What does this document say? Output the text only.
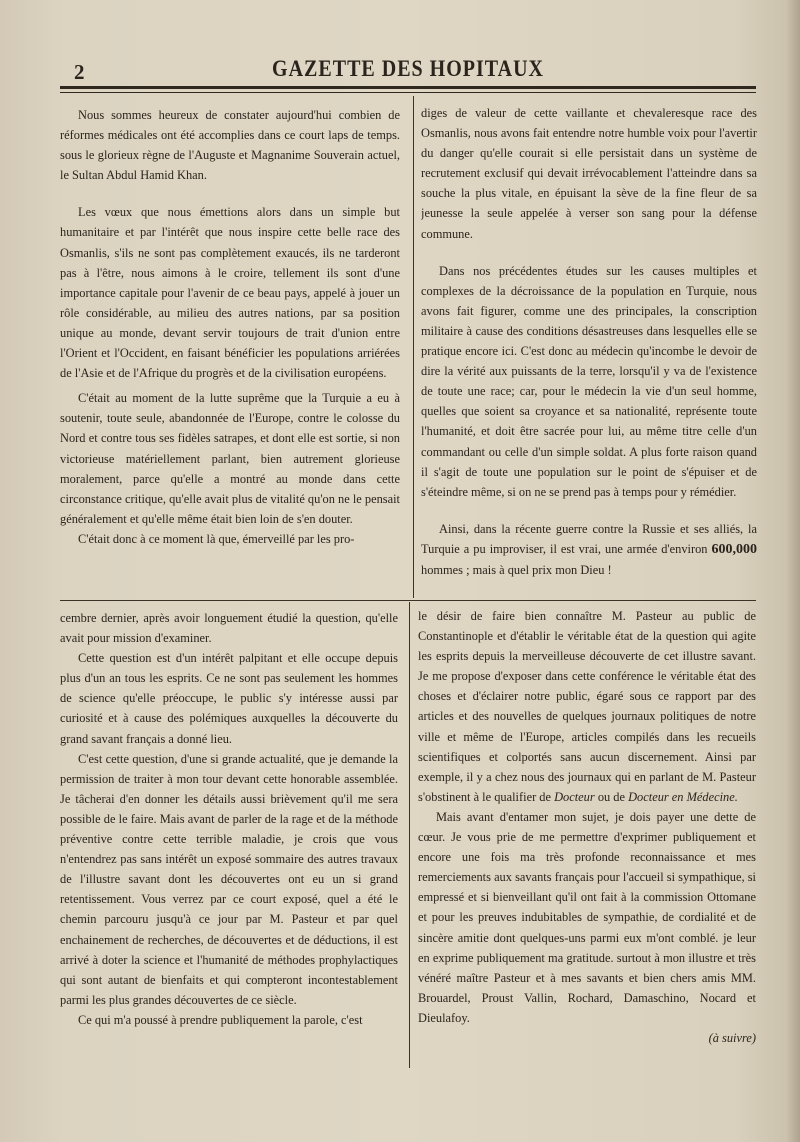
2	GAZETTE DES HOPITAUX

Nous sommes heureux de constater aujourd'hui combien de réformes médicales ont été accomplies dans ce court laps de temps. sous le glorieux règne de l'Auguste et Magnanime Souverain actuel, le Sultan Abdul Hamid Khan.

Les vœux que nous émettions alors dans un simple but humanitaire et par l'intérêt que nous inspire cette belle race des Osmanlis, s'ils ne sont pas complètement exaucés, ils ne tarderont pas à l'être, nous aimons à le croire, tellement ils sont d'une importance capitale pour l'avenir de ce beau pays, appelé à jouer un rôle considérable, au milieu des autres nations, par sa position unique au monde, devant servir toujours de trait d'union entre l'Orient et l'Occident, en faisant bénéficier les populations arriérées de l'Asie et de l'Afrique du progrès et de la civilisation européens.

C'était au moment de la lutte suprême que la Turquie a eu à soutenir, toute seule, abandonnée de l'Europe, contre le colosse du Nord et contre tous ses fidèles satrapes, et dont elle est sortie, si non victorieuse matériellement parlant, bien autrement glorieuse moralement, parce qu'elle a montré au monde dans cette circonstance critique, qu'elle avait plus de vitalité qu'on ne le pensait généralement et qu'elle même était bien loin de s'en douter.

C'était donc à ce moment là que, émerveillé par les pro-

diges de valeur de cette vaillante et chevaleresque race des Osmanlis, nous avons fait entendre notre humble voix pour l'avertir du danger qu'elle courait si elle persistait dans un système de recrutement exclusif qui devait irrévocablement l'atteindre dans sa souche la plus vitale, en épuisant la sève de la fine fleur de sa jeunesse la seule appelée à verser son sang pour la défense commune.

Dans nos précédentes études sur les causes multiples et complexes de la décroissance de la population en Turquie, nous avons fait figurer, comme une des principales, la conscription militaire à cause des conditions désastreuses dans lesquelles elle se pratique encore ici. C'est donc au médecin qu'incombe le devoir de dire la vérité aux puissants de la terre, lorsqu'il y va de l'existence de toute une race; car, pour le médecin la vie d'un seul homme, quelles que soient sa croyance et sa nationalité, représente toute l'humanité, et doit être sacrée pour lui, au même titre celle d'un commandant ou celle d'un simple soldat. A plus forte raison quand il s'agit de toute une population sur le point de s'épuiser et de s'éteindre même, si on ne se prend pas à temps pour y rémédier.

Ainsi, dans la récente guerre contre la Russie et ses alliés, la Turquie a pu improviser, il est vrai, une armée d'environ 600,000 hommes ; mais à quel prix mon Dieu !

cembre dernier, après avoir longuement étudié la question, qu'elle avait pour mission d'examiner.

Cette question est d'un intérêt palpitant et elle occupe depuis plus d'un an tous les esprits. Ce ne sont pas seulement les hommes de science qu'elle préoccupe, le public s'y intéresse aussi par curiosité et à cause des polémiques auxquelles la découverte du grand savant français a donné lieu.

C'est cette question, d'une si grande actualité, que je demande la permission de traiter à mon tour devant cette honorable assemblée. Je tâcherai d'en donner les détails aussi brièvement qu'il me sera possible de le faire. Mais avant de parler de la rage et de la méthode préventive contre cette terrible maladie, je crois que vous n'entendrez pas sans intérêt un exposé sommaire des autres travaux de l'illustre savant dont les découvertes ont eu un si grand retentissement. Vous verrez par ce court exposé, quel a été le chemin parcouru jusqu'à ce jour par M. Pasteur et par quel enchainement de recherches, de découvertes et de déductions, il est arrivé à doter la science et l'humanité de méthodes prophylactiques qui sont autant de bienfaits et qui compteront incontestablement parmi les plus grandes découvertes de ce siècle.

Ce qui m'a poussé à prendre publiquement la parole, c'est

le désir de faire bien connaître M. Pasteur au public de Constantinople et d'établir le véritable état de la question qui agite les esprits depuis la merveilleuse découverte de cet illustre savant. Je me propose d'exposer dans cette conférence le véritable état des choses et d'éclairer notre public, égaré sous ce rapport par des articles et des nouvelles de quelques journaux politiques de notre ville et même de l'Europe, articles compilés dans les recueils scientifiques et colportés sans aucun discernement. Ainsi par exemple, il y a chez nous des journaux qui en parlant de M. Pasteur s'obstinent à le qualifier de Docteur ou de Docteur en Médecine.

Mais avant d'entamer mon sujet, je dois payer une dette de cœur. Je vous prie de me permettre d'exprimer publiquement et encore une fois ma très profonde reconnaissance et mes remerciements aux savants français pour l'accueil si sympathique, si empressé et si bienveillant qu'il ont fait à la commission Ottomane et pour les preuves indubitables de sympathie, de cordialité et de sincère amitie dont quelques-uns parmi eux m'ont comblé. je leur en exprime publiquement ma gratitude. surtout à mon illustre et très vénéré maître Pasteur et à mes savants et bien chers amis MM. Brouardel, Proust Vallin, Rochard, Damaschino, Nocard et Dieulafoy.

(à suivre)
